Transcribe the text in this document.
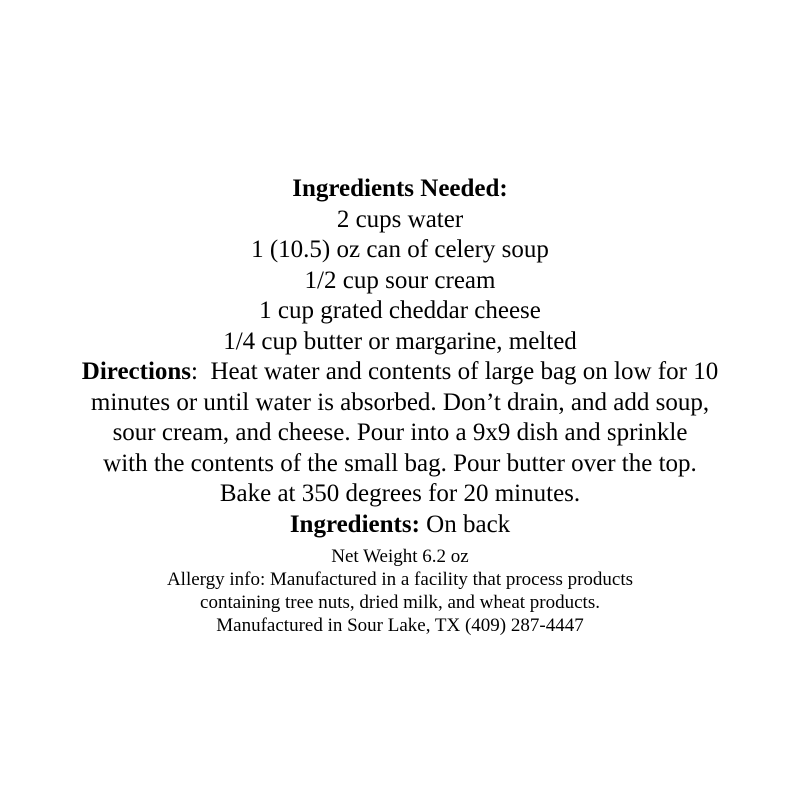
Ingredients Needed:

2 cups water

1 (10.5) oz can of celery soup

1/2 cup sour cream

1 cup grated cheddar cheese

1/4 cup butter or margarine, melted

Directions: Heat water and contents of large bag on low for 10

minutes or until water is absorbed. Don’t drain, and add soup,

sour cream, and cheese. Pour into a 9x9 dish and sprinkle

with the contents of the small bag. Pour butter over the top.

Bake at 350 degrees for 20 minutes.

Ingredients: On back

Net Weight 6.2 oz

Allergy info: Manufactured in a facility that process products

containing tree nuts, dried milk, and wheat products.

Manufactured in Sour Lake, TX (409) 287-4447
